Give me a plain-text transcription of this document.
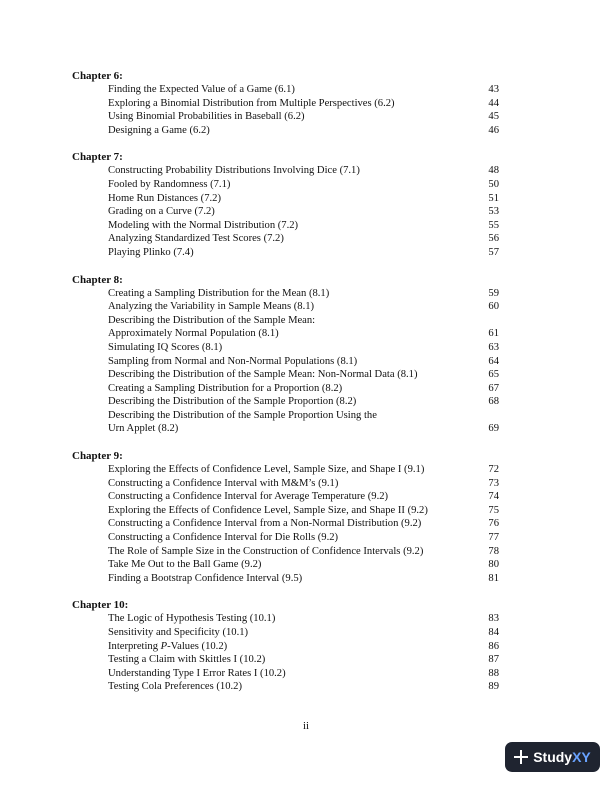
Chapter 6:
Finding the Expected Value of a Game (6.1)	43
Exploring a Binomial Distribution from Multiple Perspectives (6.2)	44
Using Binomial Probabilities in Baseball (6.2)	45
Designing a Game (6.2)	46
Chapter 7:
Constructing Probability Distributions Involving Dice (7.1)	48
Fooled by Randomness (7.1)	50
Home Run Distances (7.2)	51
Grading on a Curve (7.2)	53
Modeling with the Normal Distribution (7.2)	55
Analyzing Standardized Test Scores (7.2)	56
Playing Plinko (7.4)	57
Chapter 8:
Creating a Sampling Distribution for the Mean (8.1)	59
Analyzing the Variability in Sample Means (8.1)	60
Describing the Distribution of the Sample Mean:
Approximately Normal Population (8.1)	61
Simulating IQ Scores (8.1)	63
Sampling from Normal and Non-Normal Populations (8.1)	64
Describing the Distribution of the Sample Mean: Non-Normal Data (8.1)	65
Creating a Sampling Distribution for a Proportion (8.2)	67
Describing the Distribution of the Sample Proportion (8.2)	68
Describing the Distribution of the Sample Proportion Using the
Urn Applet (8.2)	69
Chapter 9:
Exploring the Effects of Confidence Level, Sample Size, and Shape I (9.1)	72
Constructing a Confidence Interval with M&M’s (9.1)	73
Constructing a Confidence Interval for Average Temperature (9.2)	74
Exploring the Effects of Confidence Level, Sample Size, and Shape II (9.2)	75
Constructing a Confidence Interval from a Non-Normal Distribution (9.2)	76
Constructing a Confidence Interval for Die Rolls (9.2)	77
The Role of Sample Size in the Construction of Confidence Intervals (9.2)	78
Take Me Out to the Ball Game (9.2)	80
Finding a Bootstrap Confidence Interval (9.5)	81
Chapter 10:
The Logic of Hypothesis Testing (10.1)	83
Sensitivity and Specificity (10.1)	84
Interpreting P-Values (10.2)	86
Testing a Claim with Skittles I (10.2)	87
Understanding Type I Error Rates I (10.2)	88
Testing Cola Preferences (10.2)	89
ii
StudyXY
